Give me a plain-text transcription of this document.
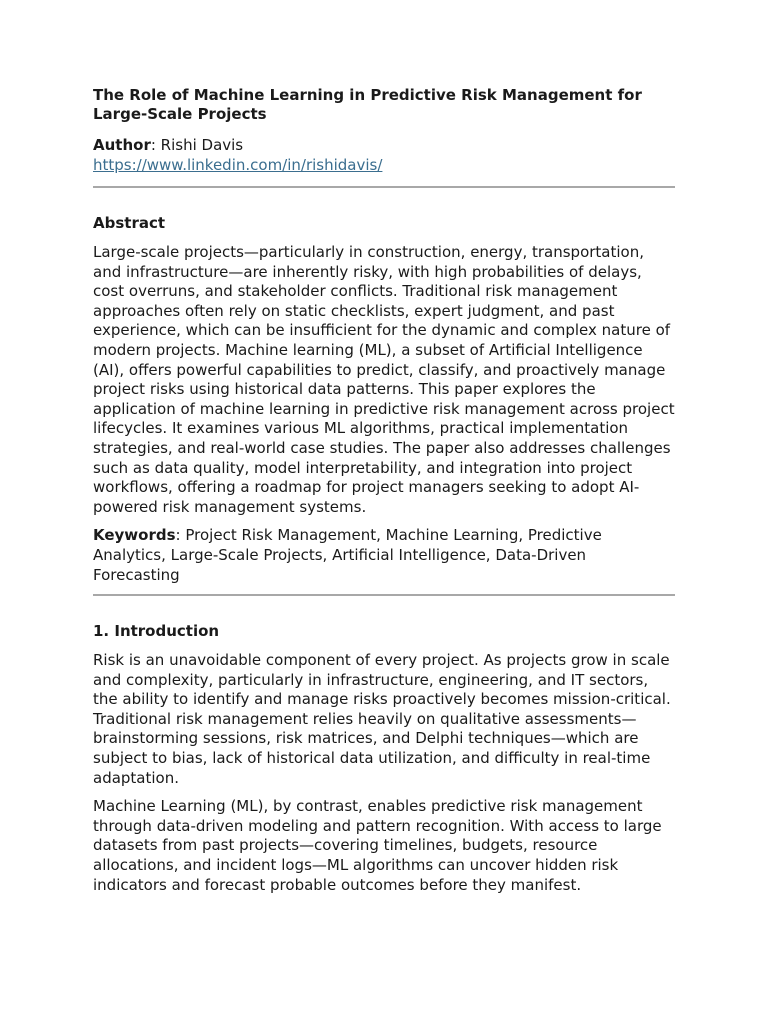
The Role of Machine Learning in Predictive Risk Management for Large-Scale Projects

Author: Rishi Davis

https://www.linkedin.com/in/rishidavis/
Abstract

Large-scale projects—particularly in construction, energy, transportation, and infrastructure—are inherently risky, with high probabilities of delays, cost overruns, and stakeholder conflicts. Traditional risk management approaches often rely on static checklists, expert judgment, and past experience, which can be insufficient for the dynamic and complex nature of modern projects. Machine learning (ML), a subset of Artificial Intelligence (AI), offers powerful capabilities to predict, classify, and proactively manage project risks using historical data patterns. This paper explores the application of machine learning in predictive risk management across project lifecycles. It examines various ML algorithms, practical implementation strategies, and real-world case studies. The paper also addresses challenges such as data quality, model interpretability, and integration into project workflows, offering a roadmap for project managers seeking to adopt AI-powered risk management systems.

Keywords: Project Risk Management, Machine Learning, Predictive Analytics, Large-Scale Projects, Artificial Intelligence, Data-Driven Forecasting

1. Introduction

Risk is an unavoidable component of every project. As projects grow in scale and complexity, particularly in infrastructure, engineering, and IT sectors, the ability to identify and manage risks proactively becomes mission-critical. Traditional risk management relies heavily on qualitative assessments—brainstorming sessions, risk matrices, and Delphi techniques—which are subject to bias, lack of historical data utilization, and difficulty in real-time adaptation.

Machine Learning (ML), by contrast, enables predictive risk management through data-driven modeling and pattern recognition. With access to large datasets from past projects—covering timelines, budgets, resource allocations, and incident logs—ML algorithms can uncover hidden risk indicators and forecast probable outcomes before they manifest.
